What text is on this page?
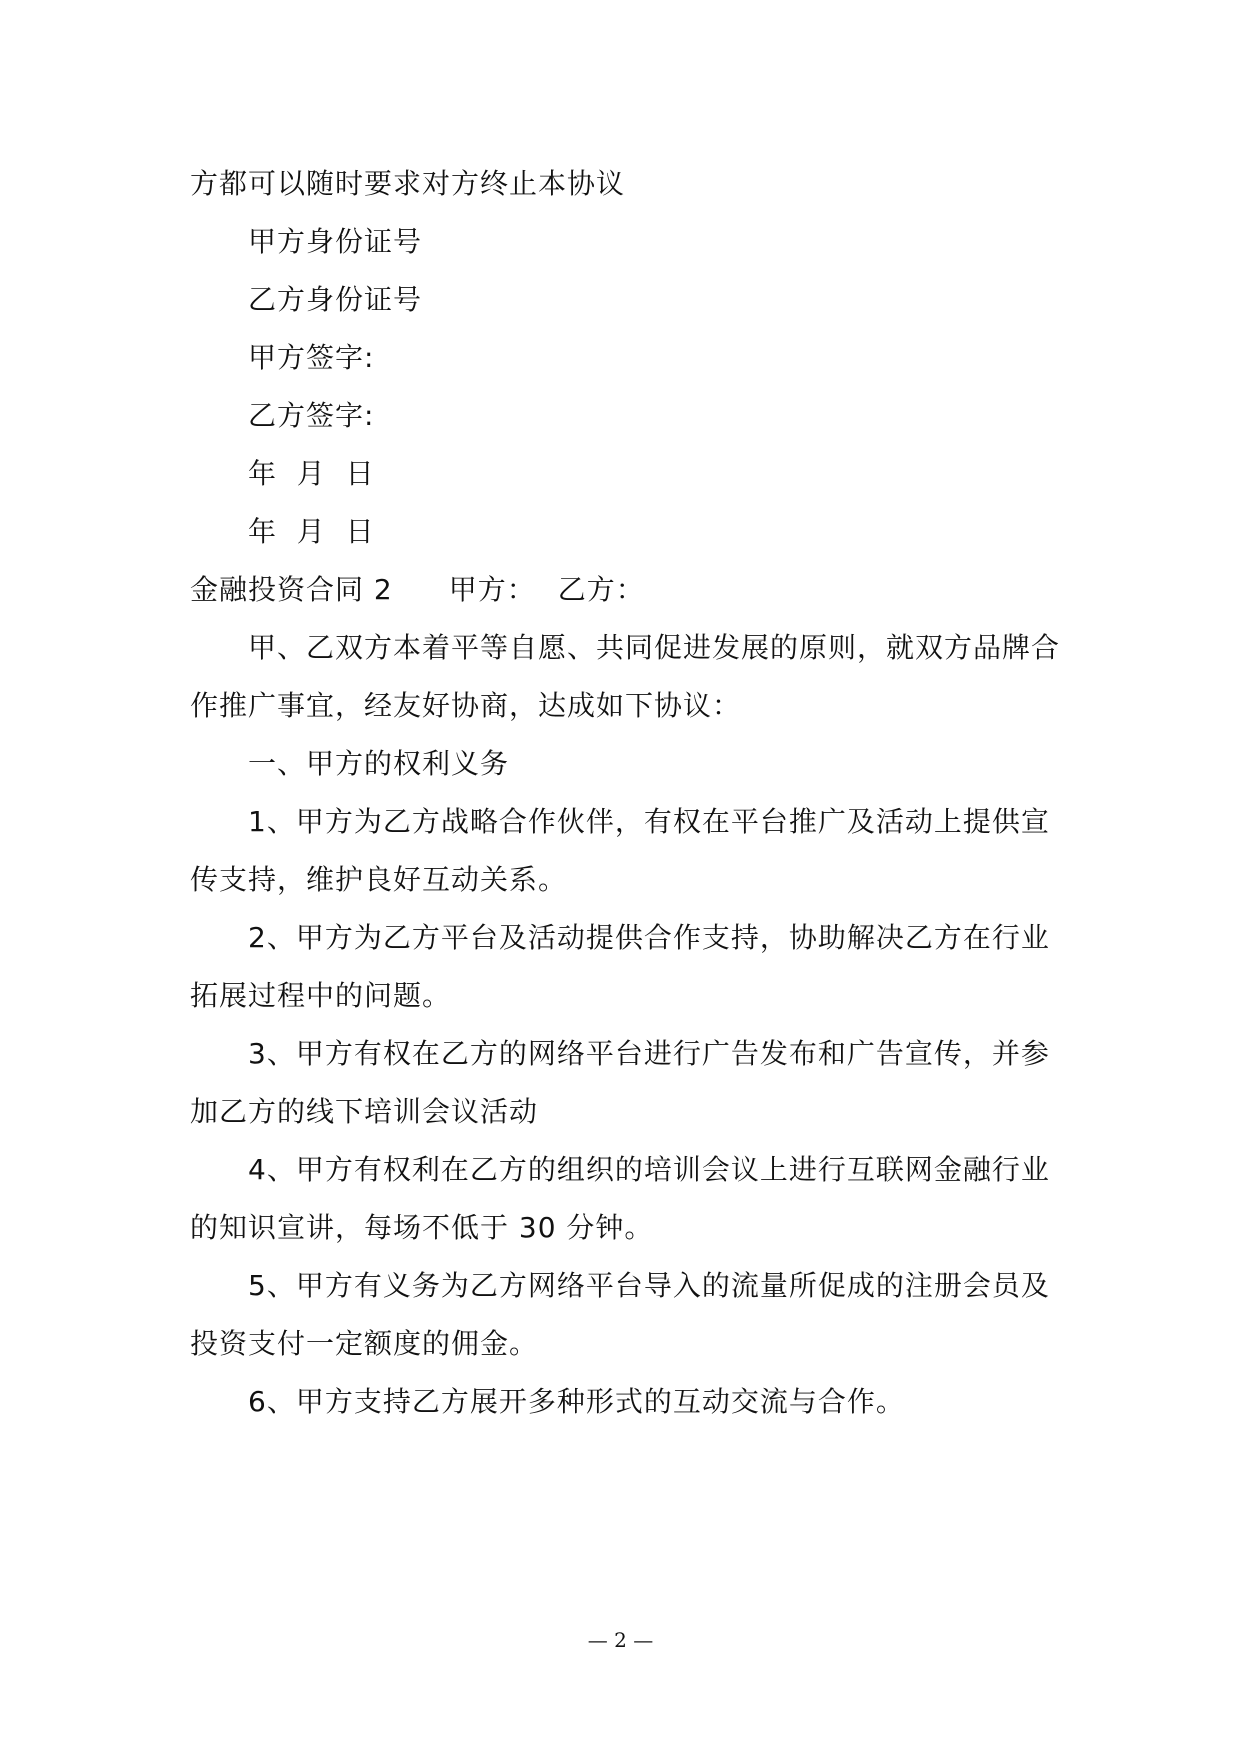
方都可以随时要求对方终止本协议
甲方身份证号
乙方身份证号
甲方签字:
乙方签字:
年  月  日
年  月  日
金融投资合同 2 甲方： 乙方：
甲、乙双方本着平等自愿、共同促进发展的原则，就双方品牌合
作推广事宜，经友好协商，达成如下协议：
一、甲方的权利义务
1、甲方为乙方战略合作伙伴，有权在平台推广及活动上提供宣
传支持，维护良好互动关系。
2、甲方为乙方平台及活动提供合作支持，协助解决乙方在行业
拓展过程中的问题。
3、甲方有权在乙方的网络平台进行广告发布和广告宣传，并参
加乙方的线下培训会议活动
4、甲方有权利在乙方的组织的培训会议上进行互联网金融行业
的知识宣讲，每场不低于 30 分钟。
5、甲方有义务为乙方网络平台导入的流量所促成的注册会员及
投资支付一定额度的佣金。
6、甲方支持乙方展开多种形式的互动交流与合作。
— 2 —
